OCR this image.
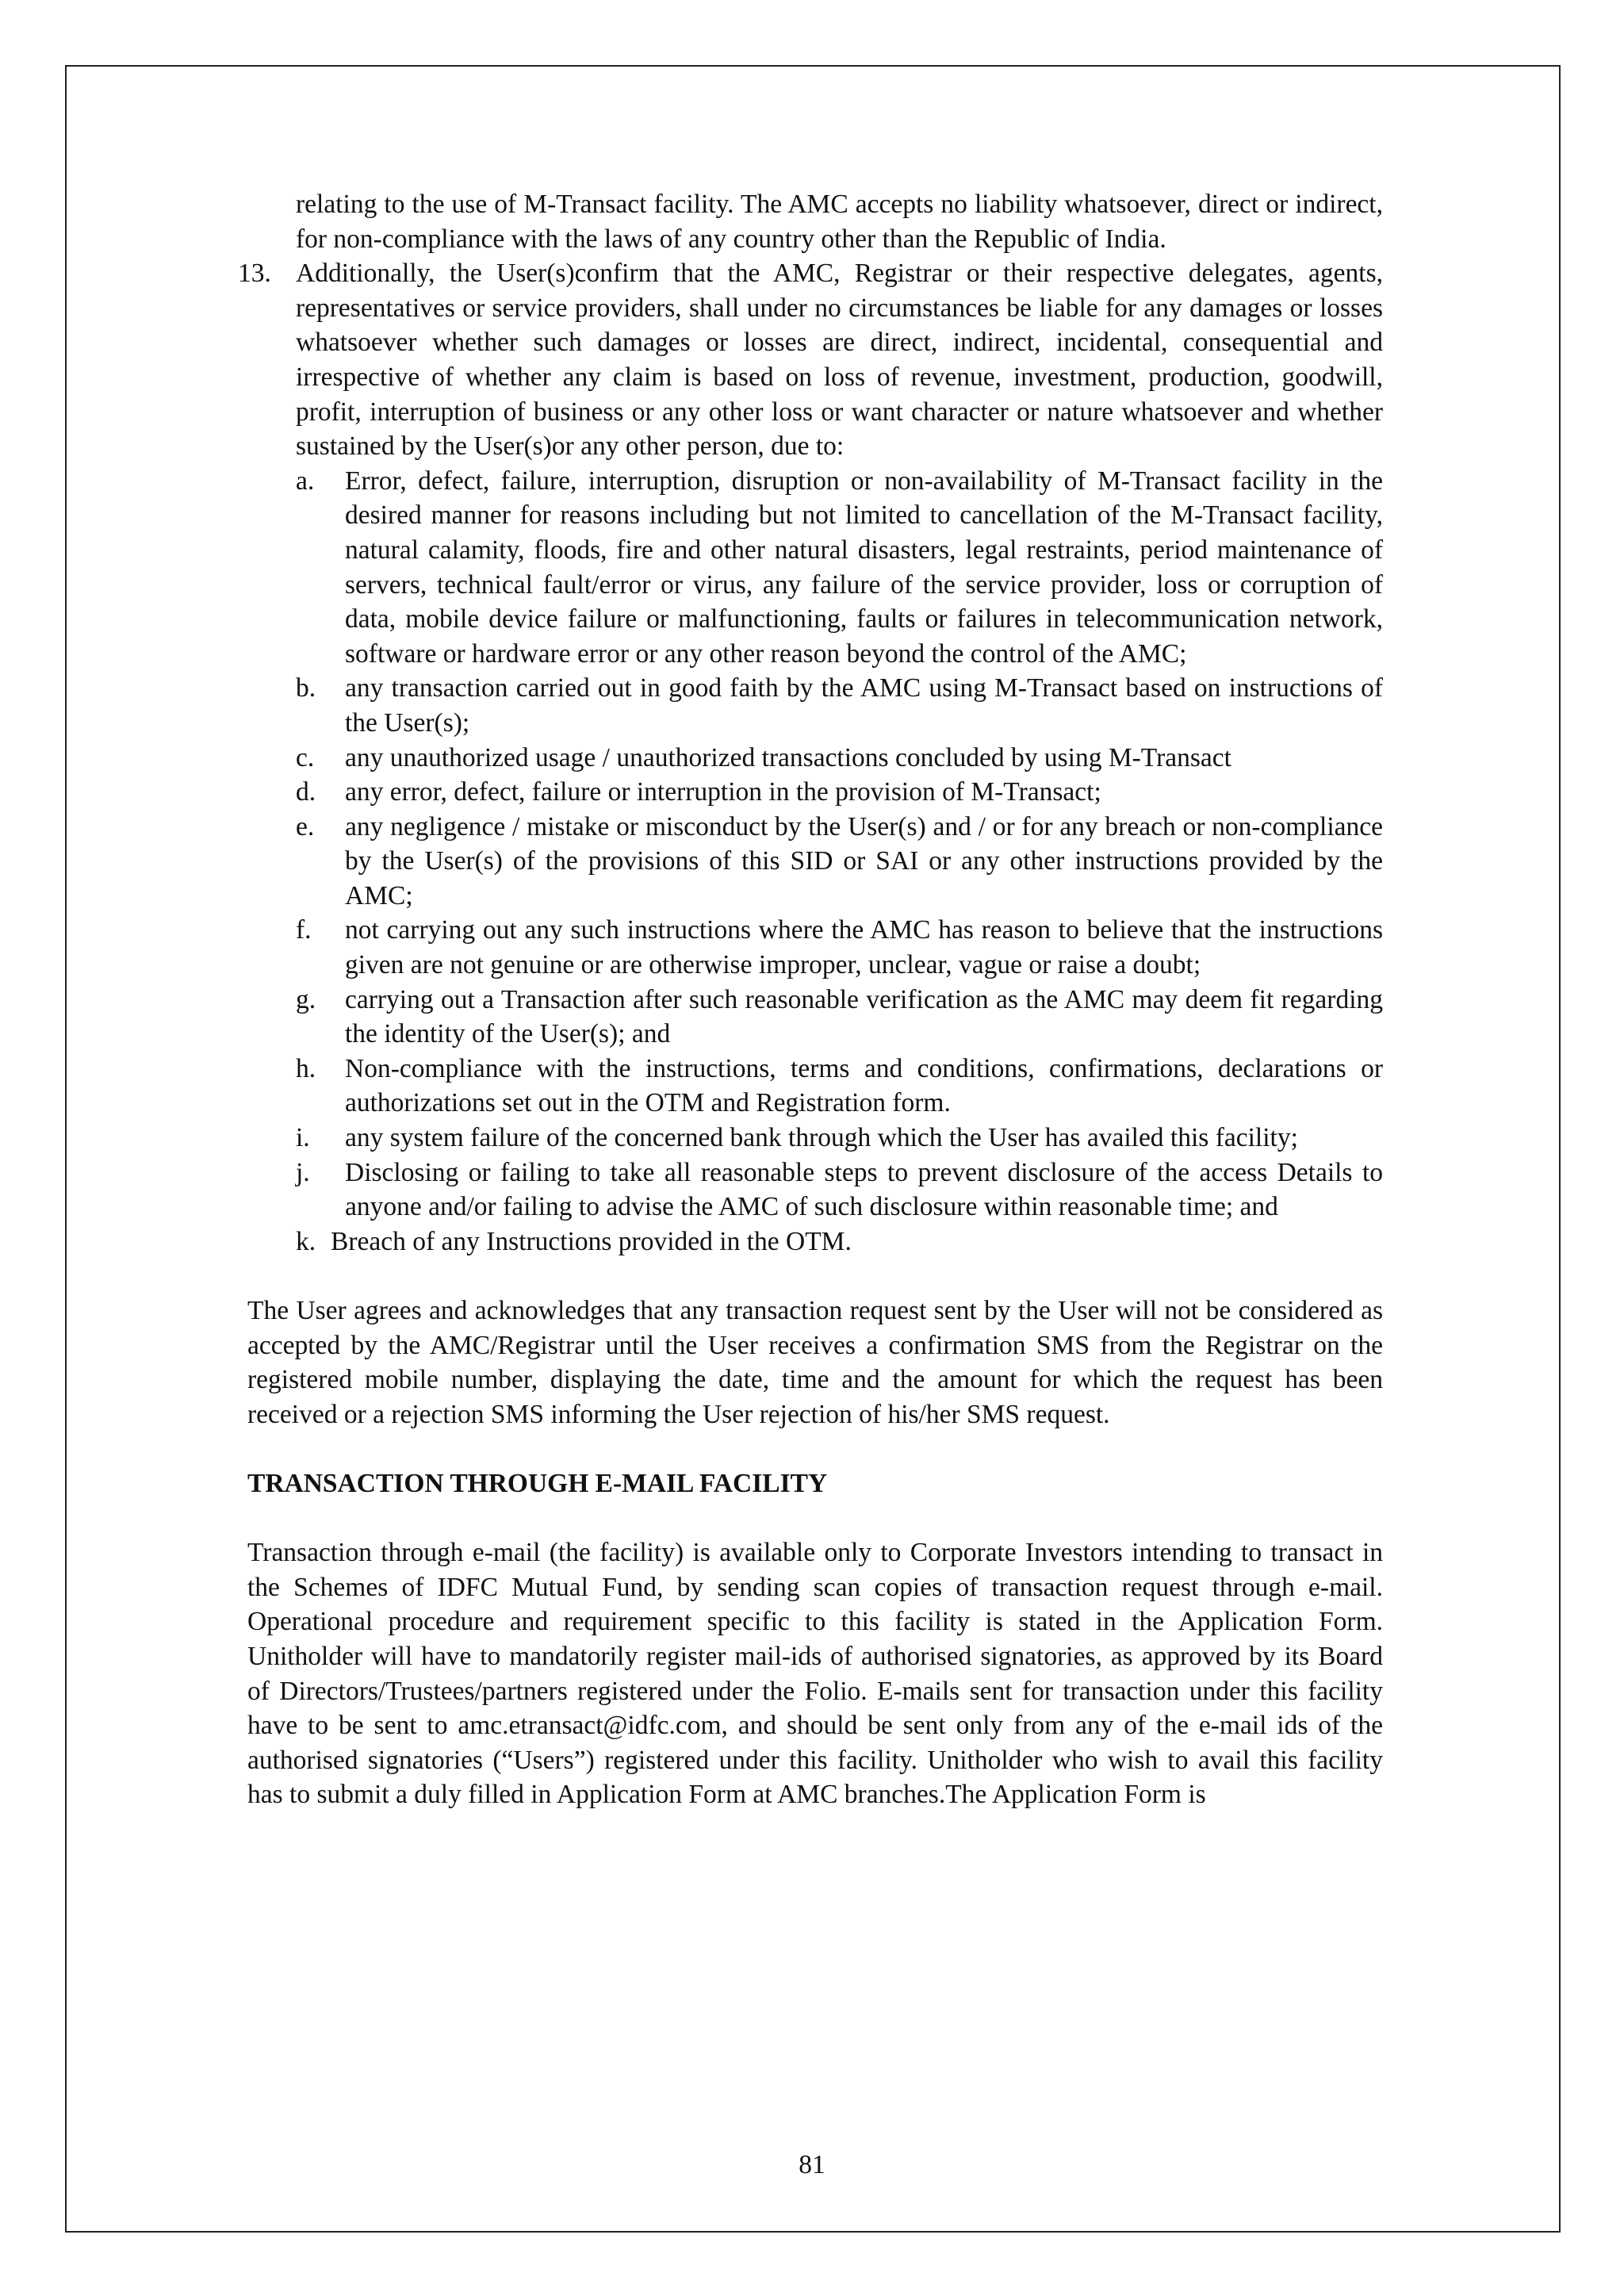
relating to the use of M-Transact facility. The AMC accepts no liability whatsoever, direct or indirect, for non-compliance with the laws of any country other than the Republic of India.
13. Additionally, the User(s)confirm that the AMC, Registrar or their respective delegates, agents, representatives or service providers, shall under no circumstances be liable for any damages or losses whatsoever whether such damages or losses are direct, indirect, incidental, consequential and irrespective of whether any claim is based on loss of revenue, investment, production, goodwill, profit, interruption of business or any other loss or want character or nature whatsoever and whether sustained by the User(s)or any other person, due to:
a. Error, defect, failure, interruption, disruption or non-availability of M-Transact facility in the desired manner for reasons including but not limited to cancellation of the M-Transact facility, natural calamity, floods, fire and other natural disasters, legal restraints, period maintenance of servers, technical fault/error or virus, any failure of the service provider, loss or corruption of data, mobile device failure or malfunctioning, faults or failures in telecommunication network, software or hardware error or any other reason beyond the control of the AMC;
b. any transaction carried out in good faith by the AMC using M-Transact based on instructions of the User(s);
c. any unauthorized usage / unauthorized transactions concluded by using M-Transact
d. any error, defect, failure or interruption in the provision of M-Transact;
e. any negligence / mistake or misconduct by the User(s) and / or for any breach or non-compliance by the User(s) of the provisions of this SID or SAI or any other instructions provided by the AMC;
f. not carrying out any such instructions where the AMC has reason to believe that the instructions given are not genuine or are otherwise improper, unclear, vague or raise a doubt;
g. carrying out a Transaction after such reasonable verification as the AMC may deem fit regarding the identity of the User(s); and
h. Non-compliance with the instructions, terms and conditions, confirmations, declarations or authorizations set out in the OTM and Registration form.
i. any system failure of the concerned bank through which the User has availed this facility;
j. Disclosing or failing to take all reasonable steps to prevent disclosure of the access Details to anyone and/or failing to advise the AMC of such disclosure within reasonable time; and
k. Breach of any Instructions provided in the OTM.
The User agrees and acknowledges that any transaction request sent by the User will not be considered as accepted by the AMC/Registrar until the User receives a confirmation SMS from the Registrar on the registered mobile number, displaying the date, time and the amount for which the request has been received or a rejection SMS informing the User rejection of his/her SMS request.
TRANSACTION THROUGH E-MAIL FACILITY
Transaction through e-mail (the facility) is available only to Corporate Investors intending to transact in the Schemes of IDFC Mutual Fund, by sending scan copies of transaction request through e-mail. Operational procedure and requirement specific to this facility is stated in the Application Form. Unitholder will have to mandatorily register mail-ids of authorised signatories, as approved by its Board of Directors/Trustees/partners registered under the Folio. E-mails sent for transaction under this facility have to be sent to amc.etransact@idfc.com, and should be sent only from any of the e-mail ids of the authorised signatories (“Users”) registered under this facility. Unitholder who wish to avail this facility has to submit a duly filled in Application Form at AMC branches.The Application Form is
81
